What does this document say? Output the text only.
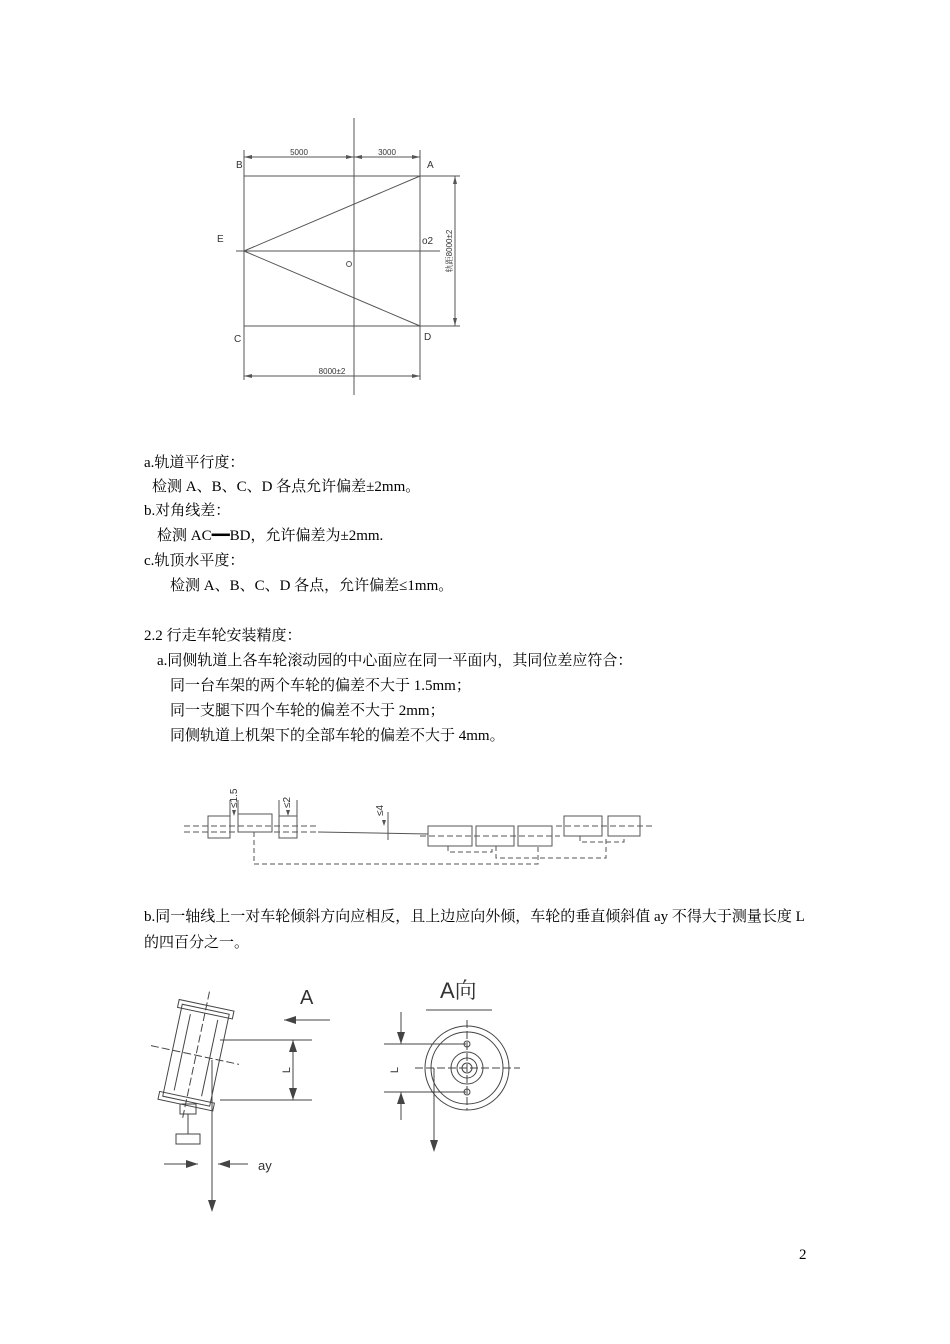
B	A
E	o2
C	D
5000	3000
8000±2
轨距8000±2
a.轨道平行度：
检测 A、B、C、D 各点允许偏差±2mm。
b.对角线差：
检测 AC━━BD，允许偏差为±2mm.
c.轨顶水平度：
检测 A、B、C、D 各点，允许偏差≤1mm。
2.2 行走车轮安装精度：
a.同侧轨道上各车轮滚动园的中心面应在同一平面内，其同位差应符合：
同一台车架的两个车轮的偏差不大于 1.5mm；
同一支腿下四个车轮的偏差不大于 2mm；
同侧轨道上机架下的全部车轮的偏差不大于 4mm。
≤1.5	≤2
≤4
b.同一轴线上一对车轮倾斜方向应相反，且上边应向外倾，车轮的垂直倾斜值 ay 不得大于测量长度 L 的四百分之一。
A
L
ay
A向
L
2
